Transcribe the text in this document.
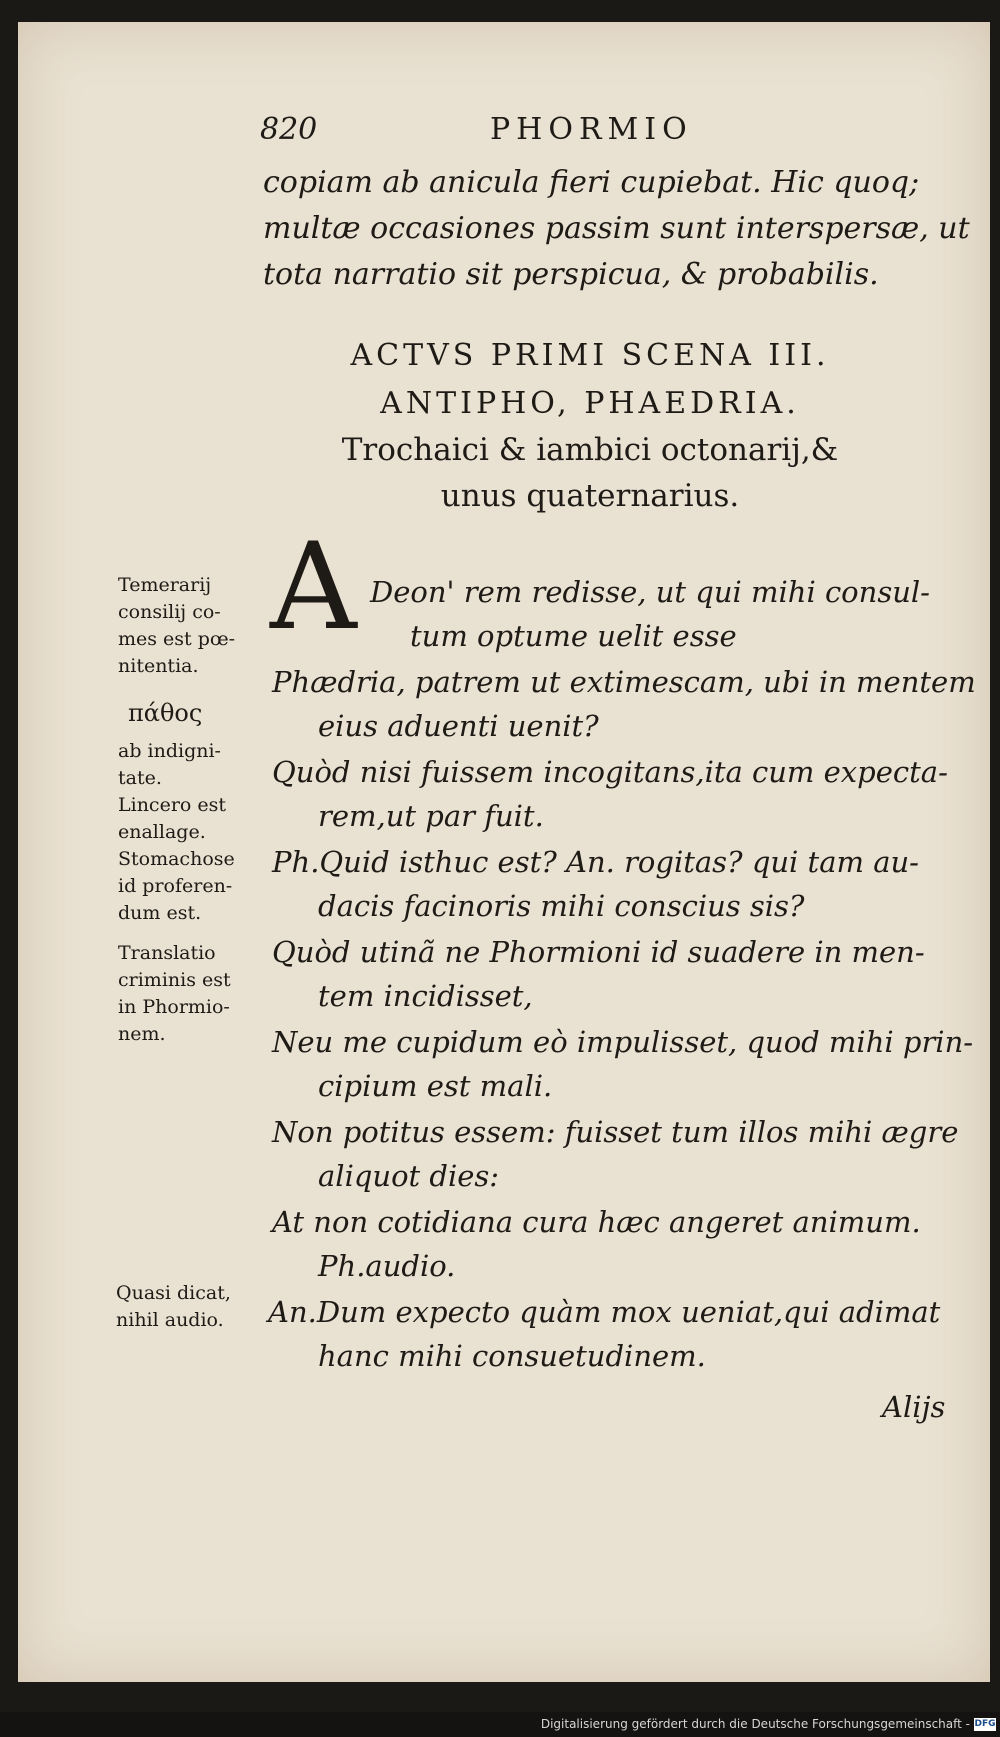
820	PHORMIO
copiam ab anicula fieri cupiebat. Hic quoq;
multæ occasiones passim sunt interspersæ, ut
tota narratio sit perspicua, & probabilis.
ACTVS PRIMI SCENA III.
ANTIPHO, PHAEDRIA.
Trochaici & iambici octonarij,&
unus quaternarius.
A Deon' rem redisse, ut qui mihi consul-
tum optume uelit esse
Phædria, patrem ut extimescam, ubi in mentem
eius aduenti uenit?
Quòd nisi fuissem incogitans,ita cum expecta-
rem,ut par fuit.
Ph.Quid isthuc est? An. rogitas? qui tam au-
dacis facinoris mihi conscius sis?
Quòd utinã ne Phormioni id suadere in men-
tem incidisset,
Neu me cupidum eò impulisset, quod mihi prin-
cipium est mali.
Non potitus essem: fuisset tum illos mihi ægre
aliquot dies:
At non cotidiana cura hæc angeret animum.
Ph.audio.
An.Dum expecto quàm mox ueniat,qui adimat
hanc mihi consuetudinem.
Alijs
Temerarij
consilij co-
mes est pœ-
nitentia.
πάθος
ab indigni-
tate.
Lincero est
enallage.
Stomachose
id proferen-
dum est.
Translatio
criminis est
in Phormio-
nem.
Quasi dicat,
nihil audio.
Digitalisierung gefördert durch die Deutsche Forschungsgemeinschaft - DFG
